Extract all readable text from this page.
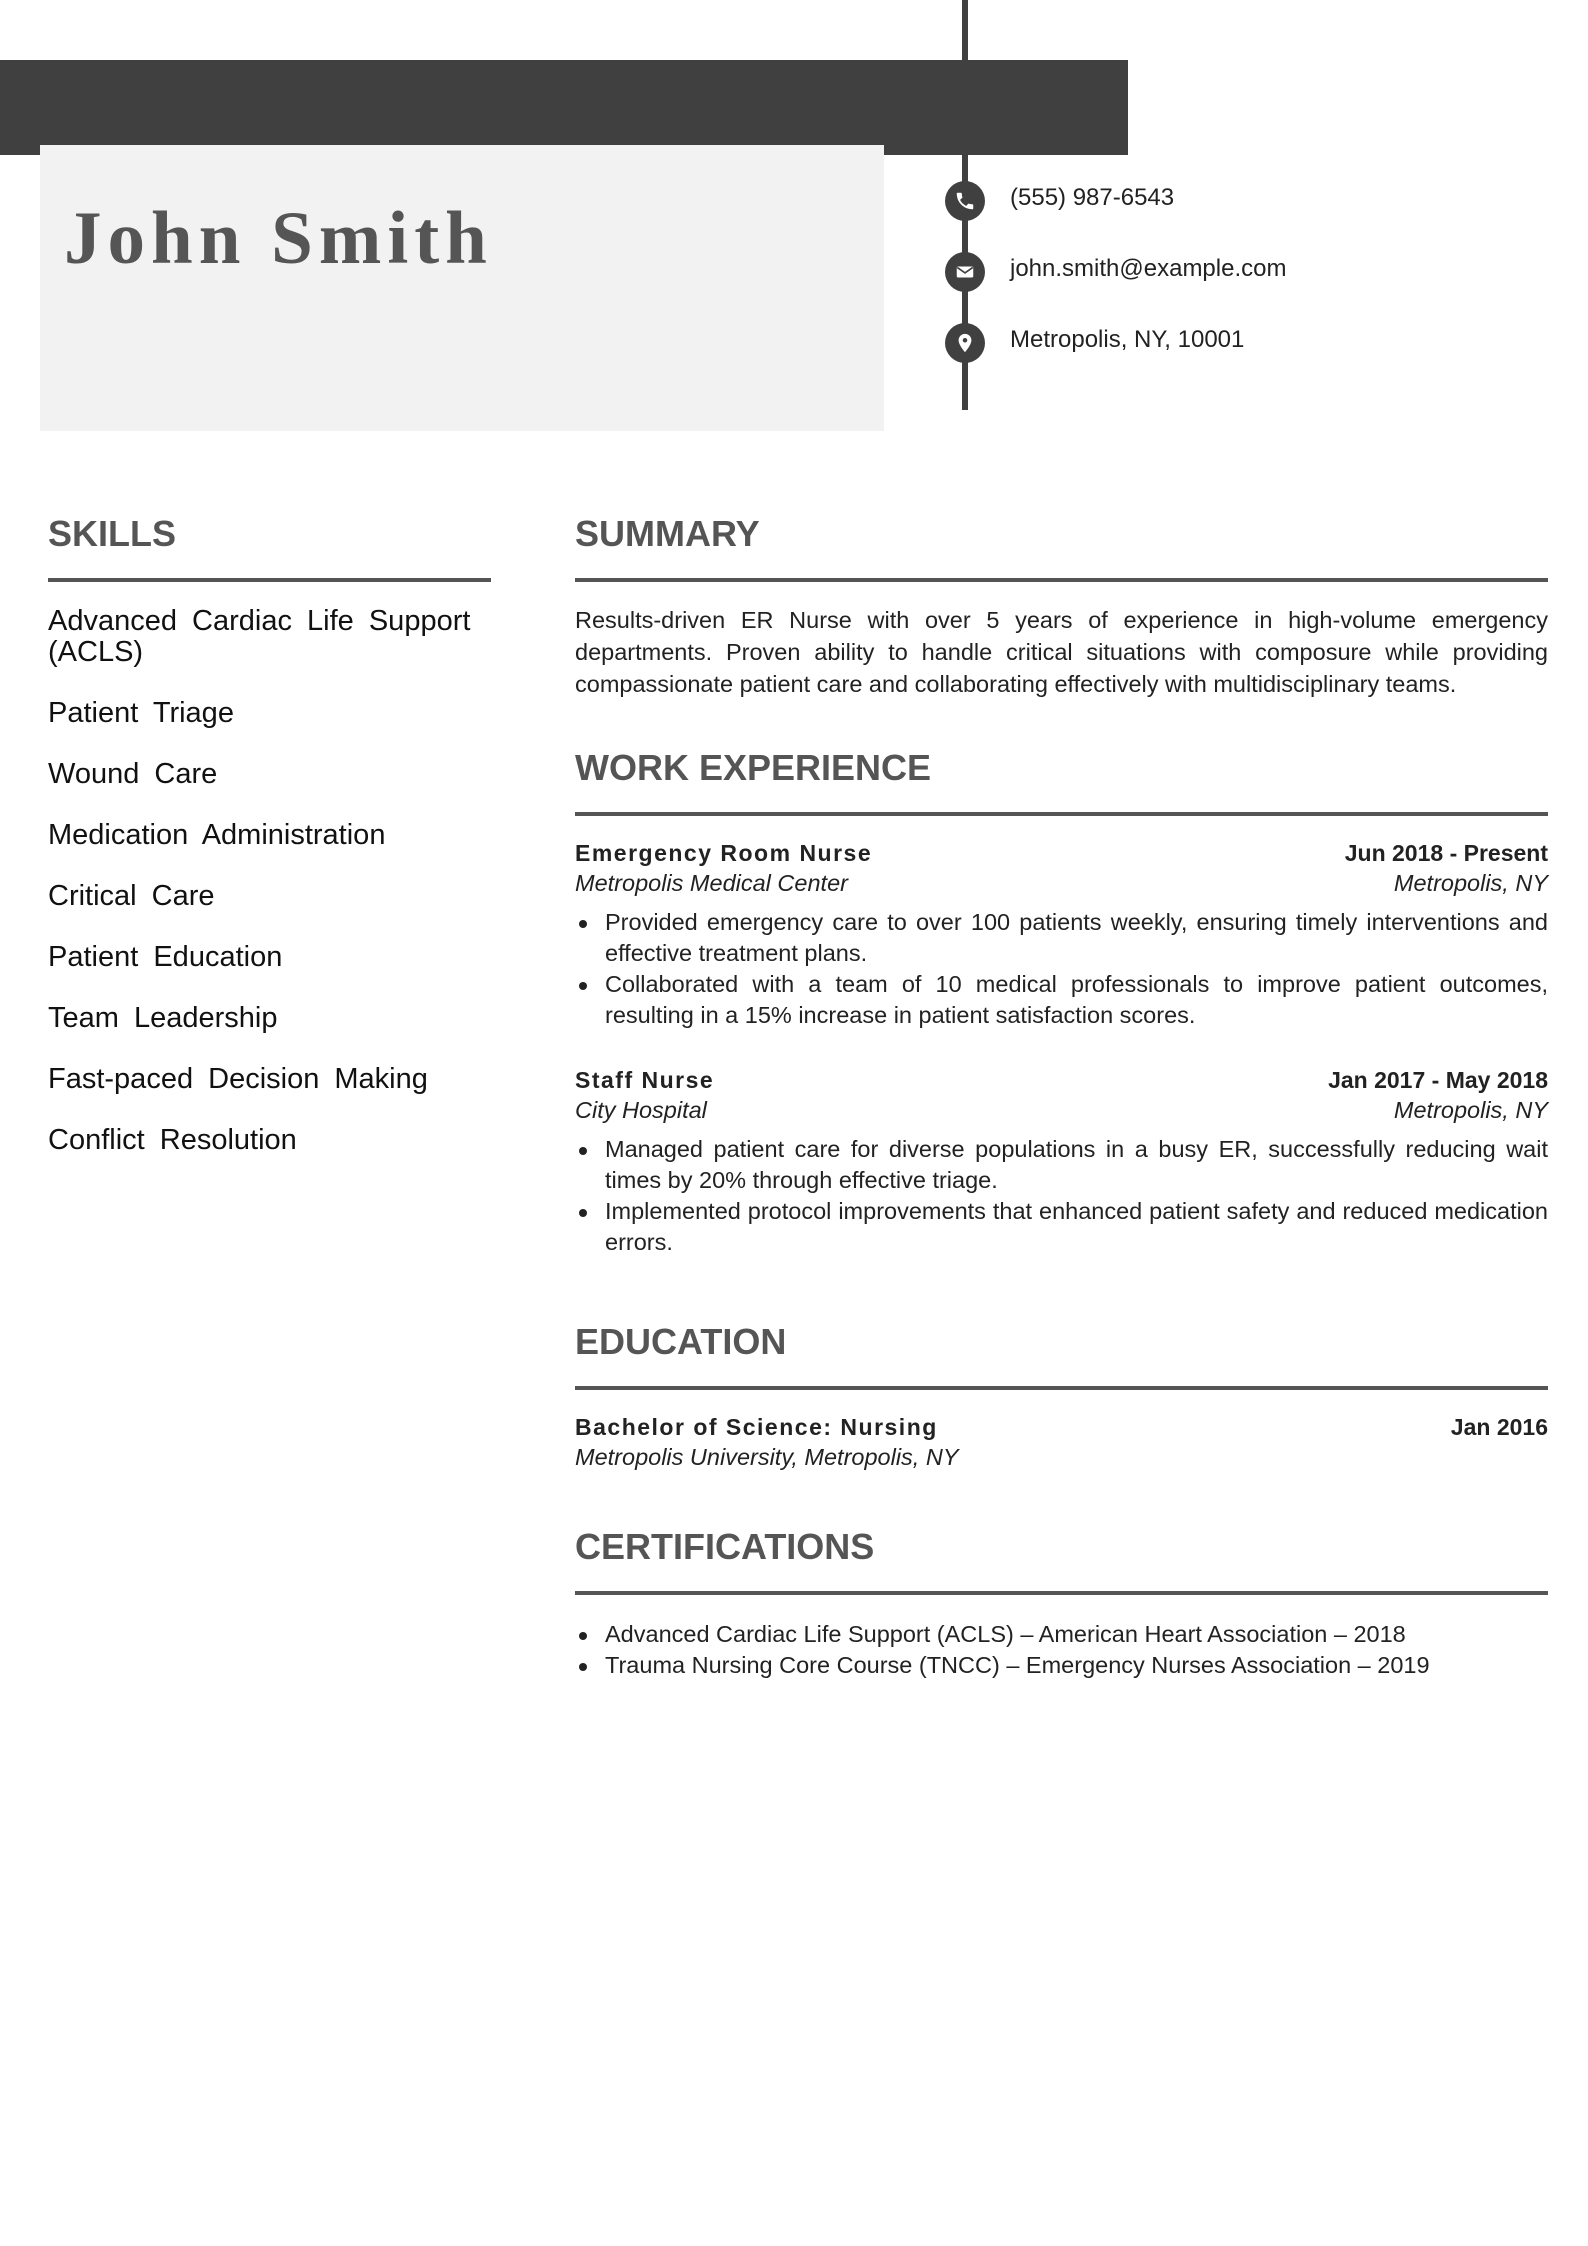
John Smith	(555) 987-6543
john.smith@example.com
Metropolis, NY, 10001
SKILLS
Advanced Cardiac Life Support (ACLS)
Patient Triage
Wound Care
Medication Administration
Critical Care
Patient Education
Team Leadership
Fast-paced Decision Making
Conflict Resolution
SUMMARY

Results-driven ER Nurse with over 5 years of experience in high-volume emergency departments. Proven ability to handle critical situations with composure while providing compassionate patient care and collaborating effectively with multidisciplinary teams.

WORK EXPERIENCE
Emergency Room Nurse	Jun 2018 - Present
Metropolis Medical Center	Metropolis, NY
Provided emergency care to over 100 patients weekly, ensuring timely interventions and effective treatment plans.
Collaborated with a team of 10 medical professionals to improve patient outcomes, resulting in a 15% increase in patient satisfaction scores.
Staff Nurse	Jan 2017 - May 2018
City Hospital	Metropolis, NY
Managed patient care for diverse populations in a busy ER, successfully reducing wait times by 20% through effective triage.
Implemented protocol improvements that enhanced patient safety and reduced medication errors.
EDUCATION
Bachelor of Science: Nursing	Jan 2016
Metropolis University, Metropolis, NY
CERTIFICATIONS
Advanced Cardiac Life Support (ACLS) – American Heart Association – 2018
Trauma Nursing Core Course (TNCC) – Emergency Nurses Association – 2019
